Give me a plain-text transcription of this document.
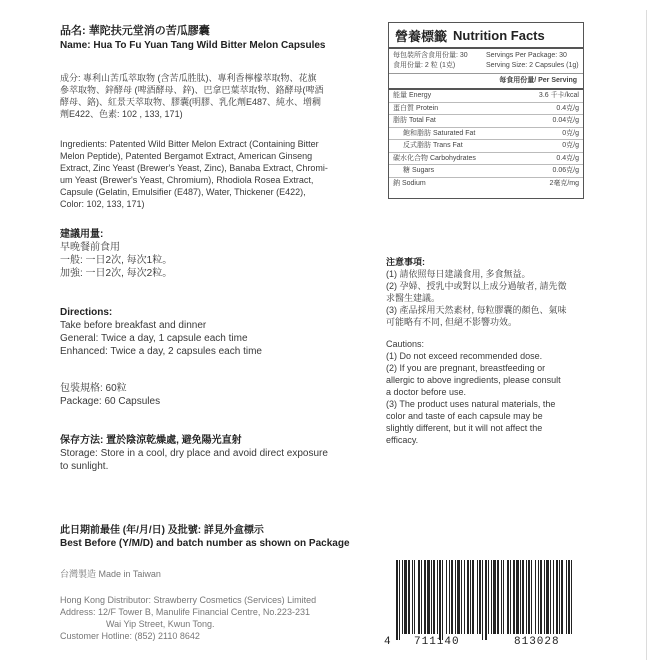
品名: 華陀扶元堂消の苦瓜膠囊

Name: Hua To Fu Yuan Tang Wild Bitter Melon Capsules

成分: 專利山苦瓜萃取物 (含苦瓜胜肽)、專利香檸檬萃取物、花旗

參萃取物、鋅酵母 (啤酒酵母、鋅)、巴拿巴葉萃取物、鉻酵母(啤酒

酵母、鉻)、紅景天萃取物、膠囊(明膠、乳化劑E487、純水、增稠

劑E422、色素: 102 , 133, 171)

Ingredients: Patented Wild Bitter Melon Extract (Containing Bitter

Melon Peptide), Patented Bergamot Extract, American Ginseng

Extract, Zinc Yeast (Brewer's Yeast, Zinc), Banaba Extract, Chromi-

um Yeast (Brewer's Yeast, Chromium), Rhodiola Rosea Extract,

Capsule (Gelatin, Emulsifier (E487), Water, Thickener (E422),

Color: 102, 133, 171)

建議用量:

早晚餐前食用

一般: 一日2次, 每次1粒。

加強: 一日2次, 每次2粒。

Directions:

Take before breakfast and dinner

General: Twice a day, 1 capsule each time

Enhanced: Twice a day, 2 capsules each time

包裝規格: 60粒

Package: 60 Capsules

保存方法: 置於陰涼乾燥處, 避免陽光直射

Storage: Store in a cool, dry place and avoid direct exposure

to sunlight.

此日期前最佳 (年/月/日) 及批號: 詳見外盒標示

Best Before (Y/M/D) and batch number as shown on Package

台灣製造 Made in Taiwan

Hong Kong Distributor: Strawberry Cosmetics (Services) Limited

Address: 12/F Tower B, Manulife Financial Centre, No.223-231

Wai Yip Street, Kwun Tong.

Customer Hotline: (852) 2110 8642

注意事項:

(1) 請依照每日建議食用, 多食無益。

(2) 孕婦、授乳中或對以上成分過敏者, 請先徵

求醫生建議。

(3) 產品採用天然素材, 每粒膠囊的顏色、氣味

可能略有不同, 但絕不影響功效。

Cautions:

(1) Do not exceed recommended dose.

(2) If you are pregnant, breastfeeding or

allergic to above ingredients, please consult

a doctor before use.

(3) The product uses natural materials, the

color and taste of each capsule may be

slightly different, but it will not affect the

efficacy.

營養標籤 Nutrition Facts
每包裝所含食用份量: 30
食用份量: 2 粒 (1克)
Servings Per Package: 30
Serving Size: 2 Capsules (1g)
每食用份量/ Per Serving
能量 Energy	3.6 千卡/kcal
蛋白質 Protein	0.4克/g
脂肪 Total Fat	0.04克/g
飽和脂肪 Saturated Fat	0克/g
反式脂肪 Trans Fat	0克/g
碳水化合物 Carbohydrates	0.4克/g
糖 Sugars	0.06克/g
鈉 Sodium	2毫克/mg
4 711140	813028
